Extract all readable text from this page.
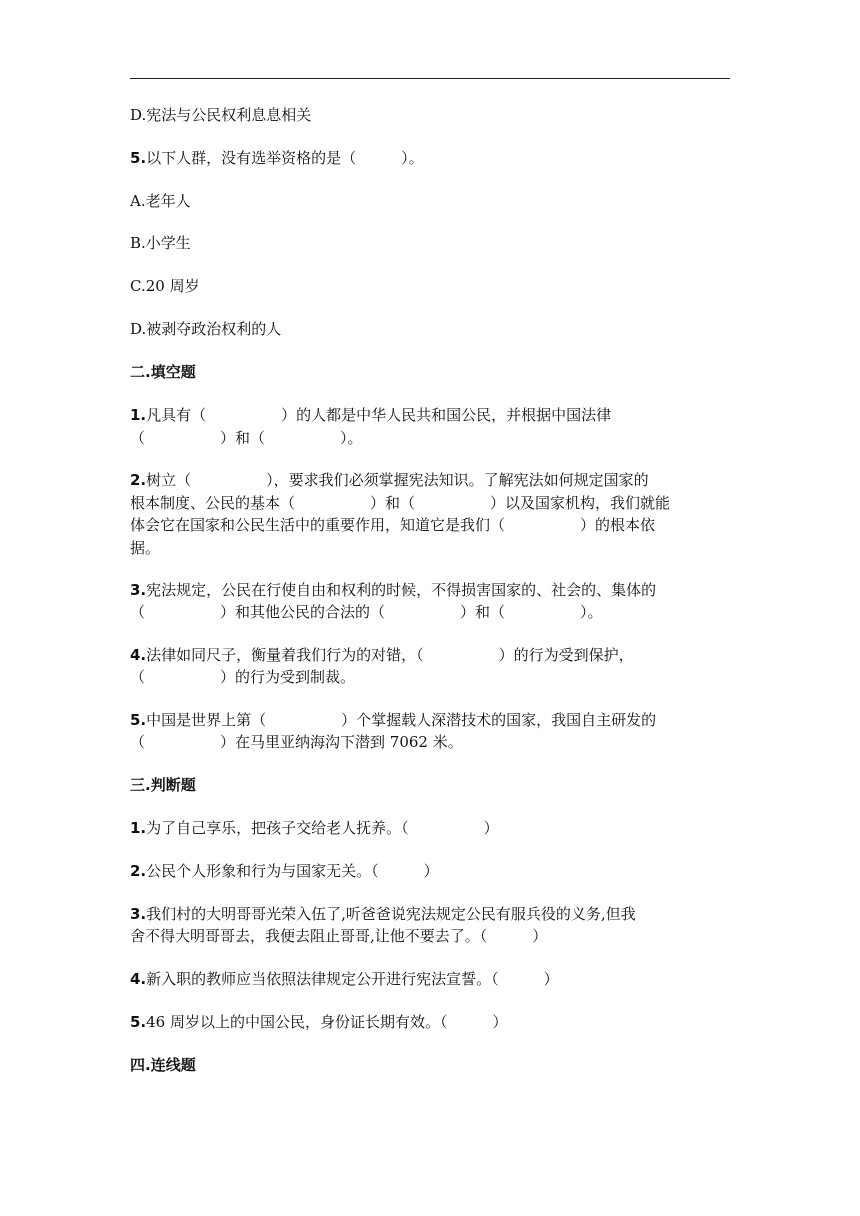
D.宪法与公民权利息息相关
5.以下人群，没有选举资格的是（　　　）。
A.老年人
B.小学生
C.20 周岁
D.被剥夺政治权利的人
二.填空题
1.凡具有（　　　　　）的人都是中华人民共和国公民，并根据中国法律
（　　　　　）和（　　　　　）。
2.树立（　　　　　），要求我们必须掌握宪法知识。了解宪法如何规定国家的
根本制度、公民的基本（　　　　　）和（　　　　　）以及国家机构，我们就能
体会它在国家和公民生活中的重要作用，知道它是我们（　　　　　）的根本依
据。
3.宪法规定，公民在行使自由和权利的时候，不得损害国家的、社会的、集体的
（　　　　　）和其他公民的合法的（　　　　　）和（　　　　　）。
4.法律如同尺子，衡量着我们行为的对错，（　　　　　）的行为受到保护，
（　　　　　）的行为受到制裁。
5.中国是世界上第（　　　　　）个掌握载人深潜技术的国家，我国自主研发的
（　　　　　）在马里亚纳海沟下潜到 7062 米。
三.判断题
1.为了自己享乐，把孩子交给老人抚养。（　　　　　）
2.公民个人形象和行为与国家无关。（　　　）
3.我们村的大明哥哥光荣入伍了,听爸爸说宪法规定公民有服兵役的义务,但我
舍不得大明哥哥去，我便去阻止哥哥,让他不要去了。（　　　）
4.新入职的教师应当依照法律规定公开进行宪法宣誓。（　　　）
5.46 周岁以上的中国公民，身份证长期有效。（　　　）
四.连线题
